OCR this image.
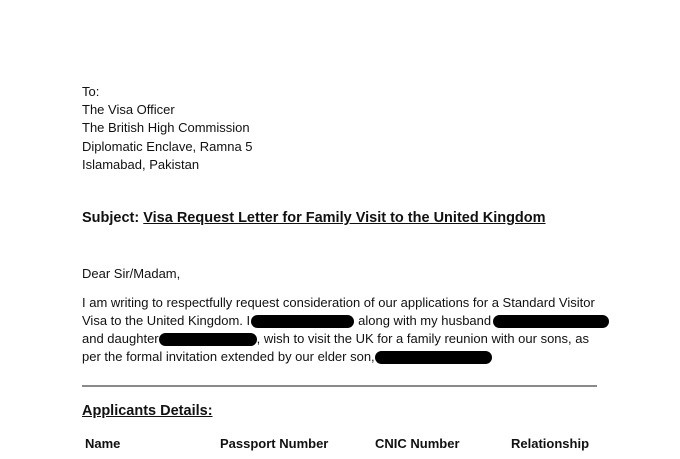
To:
The Visa Officer
The British High Commission
Diplomatic Enclave, Ramna 5
Islamabad, Pakistan
Subject: Visa Request Letter for Family Visit to the United Kingdom
Dear Sir/Madam,
I am writing to respectfully request consideration of our applications for a Standard Visitor
Visa to the United Kingdom. I	along with my husband
and daughter	, wish to visit the UK for a family reunion with our sons, as
per the formal invitation extended by our elder son,
Applicants Details:
Name	Passport Number	CNIC Number	Relationship
